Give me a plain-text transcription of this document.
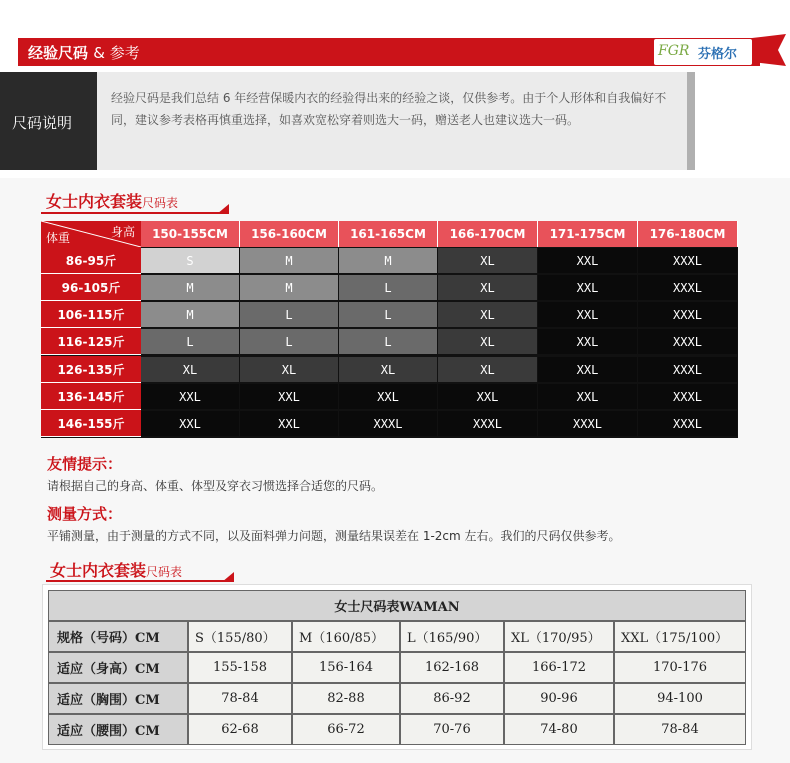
经验尺码 & 参考	FGR 芬格尔
尺码说明

经验尺码是我们总结 6 年经营保暖内衣的经验得出来的经验之谈，仅供参考。由于个人形体和自我偏好不同，建议参考表格再慎重选择，如喜欢宽松穿着则选大一码，赠送老人也建议选大一码。

女士内衣套装尺码表
体重	身高	150-155CM	156-160CM	161-165CM	166-170CM	171-175CM	176-180CM
86-95斤	S	M	M	XL	XXL	XXXL
96-105斤	M	M	L	XL	XXL	XXXL
106-115斤	M	L	L	XL	XXL	XXXL
116-125斤	L	L	L	XL	XXL	XXXL
126-135斤	XL	XL	XL	XL	XXL	XXXL
136-145斤	XXL	XXL	XXL	XXL	XXL	XXXL
146-155斤	XXL	XXL	XXXL	XXXL	XXXL	XXXL
友情提示：
请根据自己的身高、体重、体型及穿衣习惯选择合适您的尺码。
测量方式：
平铺测量，由于测量的方式不同，以及面料弹力问题，测量结果误差在 1-2cm 左右。我们的尺码仅供参考。
女士内衣套装尺码表
女士尺码表WAMAN
规格（号码）CM	S（155/80）	M（160/85）	L（165/90）	XL（170/95）	XXL（175/100）
适应（身高）CM	155-158	156-164	162-168	166-172	170-176
适应（胸围）CM	78-84	82-88	86-92	90-96	94-100
适应（腰围）CM	62-68	66-72	70-76	74-80	78-84
